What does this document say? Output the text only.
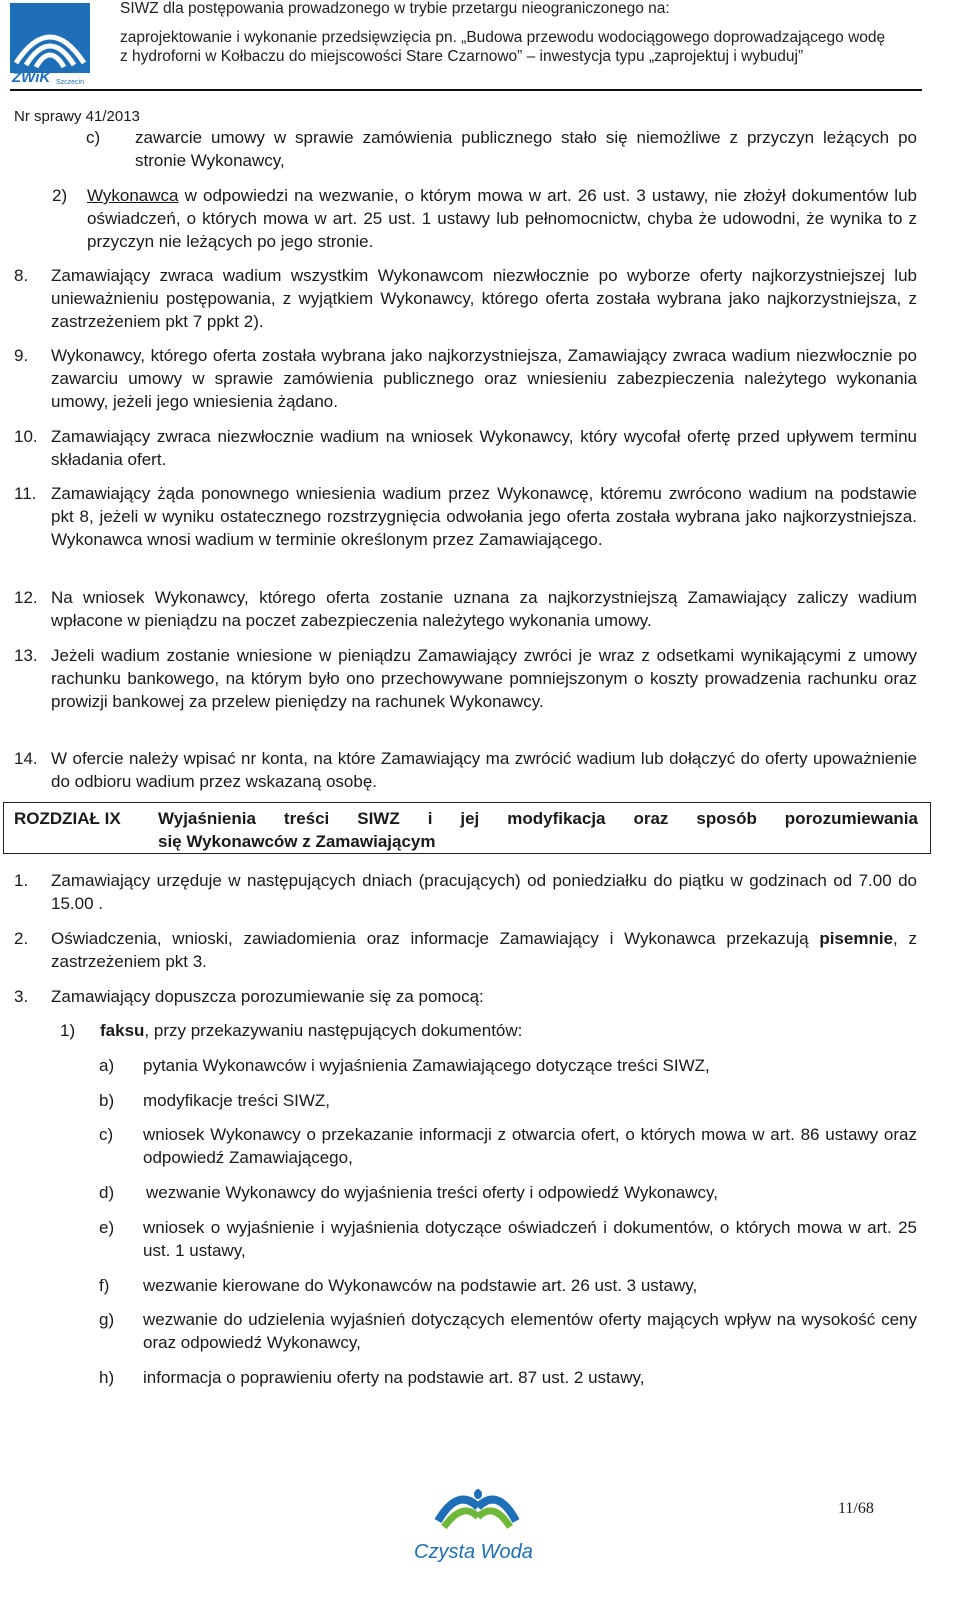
ZWiK Szczecin
SIWZ dla postępowania prowadzonego w trybie przetargu nieograniczonego na:
zaprojektowanie i wykonanie przedsięwzięcia pn. „Budowa przewodu wodociągowego doprowadzającego wodę
z hydroforni w Kołbaczu do miejscowości Stare Czarnowo” – inwestycja typu „zaprojektuj i wybuduj”
Nr sprawy 41/2013
c) zawarcie umowy w sprawie zamówienia publicznego stało się niemożliwe z przyczyn leżących po stronie Wykonawcy,
2) Wykonawca w odpowiedzi na wezwanie, o którym mowa w art. 26 ust. 3 ustawy, nie złożył dokumentów lub oświadczeń, o których mowa w art. 25 ust. 1 ustawy lub pełnomocnictw, chyba że udowodni, że wynika to z przyczyn nie leżących po jego stronie.
8. Zamawiający zwraca wadium wszystkim Wykonawcom niezwłocznie po wyborze oferty najkorzystniejszej lub unieważnieniu postępowania, z wyjątkiem Wykonawcy, którego oferta została wybrana jako najkorzystniejsza, z zastrzeżeniem pkt 7 ppkt 2).
9. Wykonawcy, którego oferta została wybrana jako najkorzystniejsza, Zamawiający zwraca wadium niezwłocznie po zawarciu umowy w sprawie zamówienia publicznego oraz wniesieniu zabezpieczenia należytego wykonania umowy, jeżeli jego wniesienia żądano.
10. Zamawiający zwraca niezwłocznie wadium na wniosek Wykonawcy, który wycofał ofertę przed upływem terminu składania ofert.
11. Zamawiający żąda ponownego wniesienia wadium przez Wykonawcę, któremu zwrócono wadium na podstawie pkt 8, jeżeli w wyniku ostatecznego rozstrzygnięcia odwołania jego oferta została wybrana jako najkorzystniejsza. Wykonawca wnosi wadium w terminie określonym przez Zamawiającego.
12. Na wniosek Wykonawcy, którego oferta zostanie uznana za najkorzystniejszą Zamawiający zaliczy wadium wpłacone w pieniądzu na poczet zabezpieczenia należytego wykonania umowy.
13. Jeżeli wadium zostanie wniesione w pieniądzu Zamawiający zwróci je wraz z odsetkami wynikającymi z umowy rachunku bankowego, na którym było ono przechowywane pomniejszonym o koszty prowadzenia rachunku oraz prowizji bankowej za przelew pieniędzy na rachunek Wykonawcy.
14. W ofercie należy wpisać nr konta, na które Zamawiający ma zwrócić wadium lub dołączyć do oferty upoważnienie do odbioru wadium przez wskazaną osobę.
ROZDZIAŁ IX Wyjaśnienia treści SIWZ i jej modyfikacja oraz sposób porozumiewania
się Wykonawców z Zamawiającym
1. Zamawiający urzęduje w następujących dniach (pracujących) od poniedziałku do piątku w godzinach od 7.00 do 15.00 .
2. Oświadczenia, wnioski, zawiadomienia oraz informacje Zamawiający i Wykonawca przekazują pisemnie, z zastrzeżeniem pkt 3.
3. Zamawiający dopuszcza porozumiewanie się za pomocą:
1) faksu, przy przekazywaniu następujących dokumentów:
a) pytania Wykonawców i wyjaśnienia Zamawiającego dotyczące treści SIWZ,
b) modyfikacje treści SIWZ,
c) wniosek Wykonawcy o przekazanie informacji z otwarcia ofert, o których mowa w art. 86 ustawy oraz odpowiedź Zamawiającego,
d) wezwanie Wykonawcy do wyjaśnienia treści oferty i odpowiedź Wykonawcy,
e) wniosek o wyjaśnienie i wyjaśnienia dotyczące oświadczeń i dokumentów, o których mowa w art. 25 ust. 1 ustawy,
f) wezwanie kierowane do Wykonawców na podstawie art. 26 ust. 3 ustawy,
g) wezwanie do udzielenia wyjaśnień dotyczących elementów oferty mających wpływ na wysokość ceny oraz odpowiedź Wykonawcy,
h) informacja o poprawieniu oferty na podstawie art. 87 ust. 2 ustawy,
Czysta Woda
11/68
